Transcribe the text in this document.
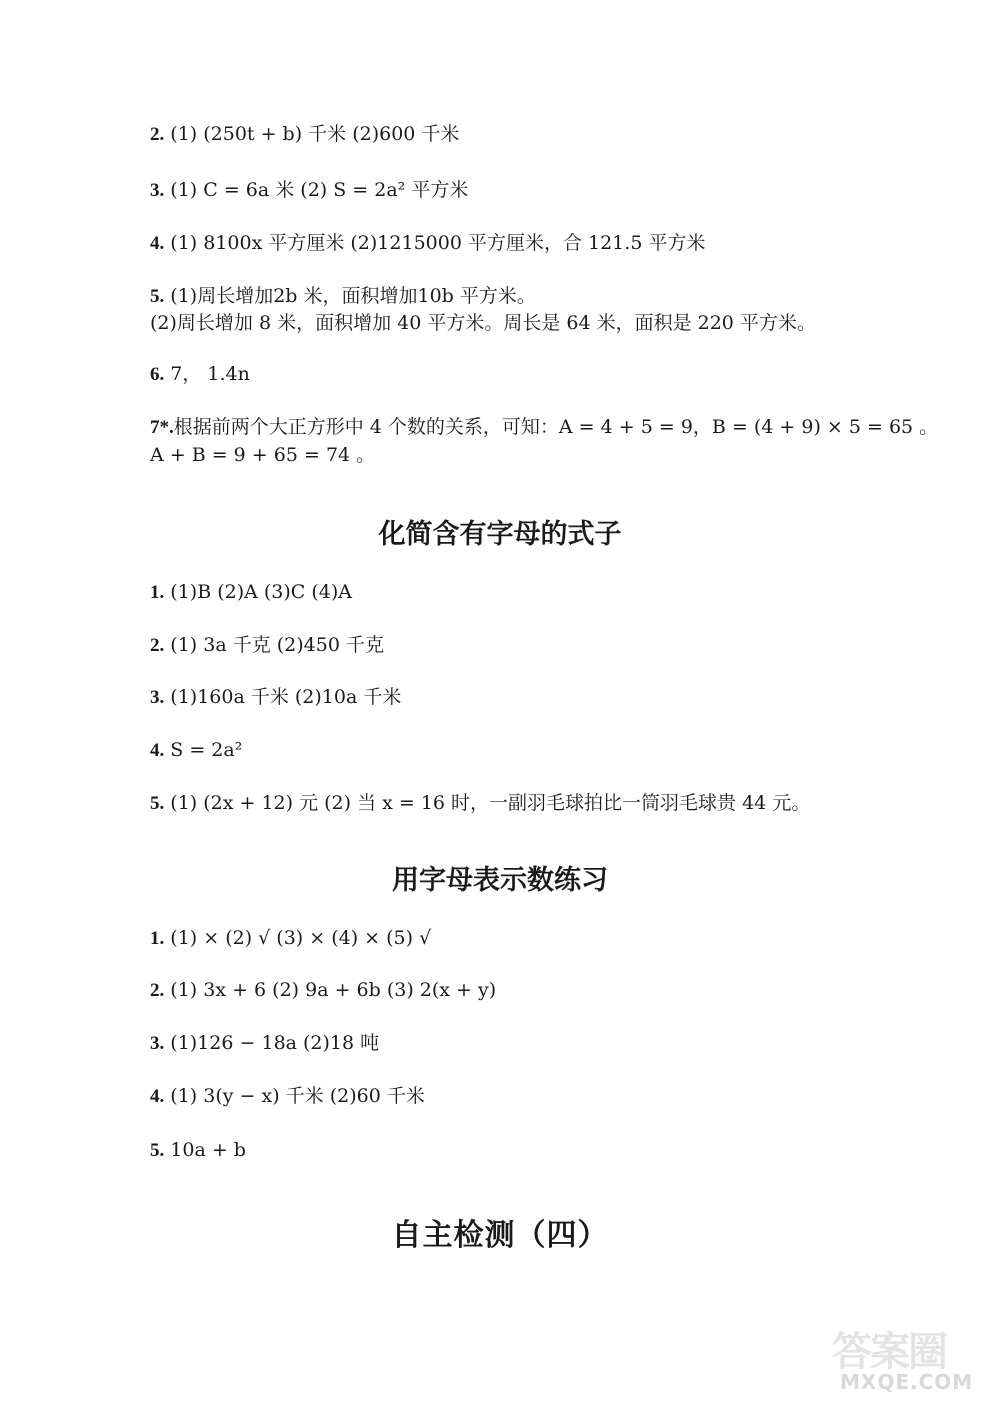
2. (1) (250t + b) 千米 (2)600 千米
3. (1) C = 6a 米 (2) S = 2a² 平方米
4. (1) 8100x 平方厘米 (2)1215000 平方厘米，合 121.5 平方米
5. (1)周长增加2b 米，面积增加10b 平方米。
(2)周长增加 8 米，面积增加 40 平方米。周长是 64 米，面积是 220 平方米。
6. 7， 1.4n
7*.根据前两个大正方形中 4 个数的关系，可知：A = 4 + 5 = 9，B = (4 + 9) × 5 = 65 。
A + B = 9 + 65 = 74 。
化简含有字母的式子
1. (1)B (2)A (3)C (4)A
2. (1) 3a 千克 (2)450 千克
3. (1)160a 千米 (2)10a 千米
4. S = 2a²
5. (1) (2x + 12) 元 (2) 当 x = 16 时，一副羽毛球拍比一筒羽毛球贵 44 元。
用字母表示数练习
1. (1) × (2) √ (3) × (4) × (5) √
2. (1) 3x + 6 (2) 9a + 6b (3) 2(x + y)
3. (1)126 − 18a (2)18 吨
4. (1) 3(y − x) 千米 (2)60 千米
5. 10a + b
自主检测（四）
答案圈
MXQE.COM
